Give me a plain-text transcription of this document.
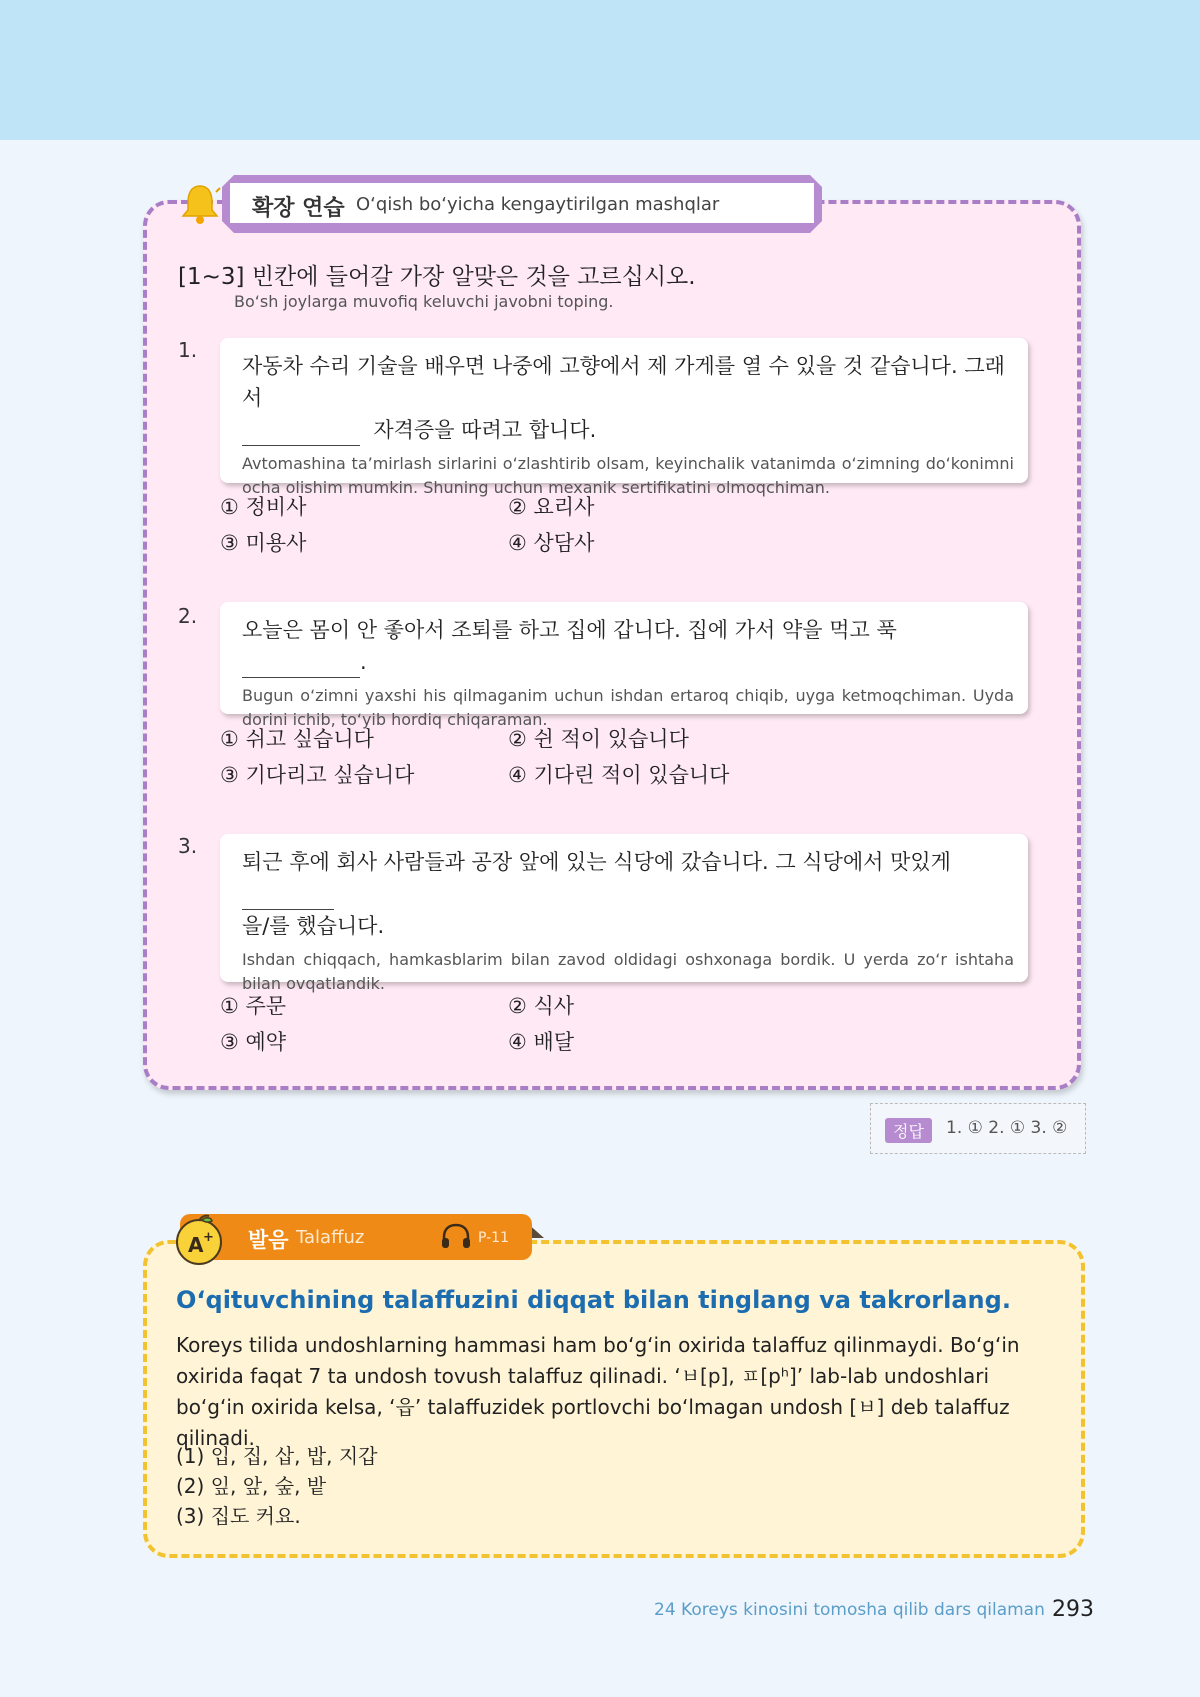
확장 연습 O‘qish bo‘yicha kengaytirilgan mashqlar
[1~3] 빈칸에 들어갈 가장 알맞은 것을 고르십시오.
Bo‘sh joylarga muvofiq keluvchi javobni toping.
1.
자동차 수리 기술을 배우면 나중에 고향에서 제 가게를 열 수 있을 것 같습니다. 그래서
자격증을 따려고 합니다.
Avtomashina ta’mirlash sirlarini o‘zlashtirib olsam, keyinchalik vatanimda o‘zimning do‘konimni ocha olishim mumkin. Shuning uchun mexanik sertifikatini olmoqchiman.
① 정비사	② 요리사
③ 미용사	④ 상담사
2.
오늘은 몸이 안 좋아서 조퇴를 하고 집에 갑니다. 집에 가서 약을 먹고 푹 .
Bugun o‘zimni yaxshi his qilmaganim uchun ishdan ertaroq chiqib, uyga ketmoqchiman. Uyda dorini ichib, to‘yib hordiq chiqaraman.
① 쉬고 싶습니다	② 쉰 적이 있습니다
③ 기다리고 싶습니다	④ 기다린 적이 있습니다
3.
퇴근 후에 회사 사람들과 공장 앞에 있는 식당에 갔습니다. 그 식당에서 맛있게
을/를 했습니다.
Ishdan chiqqach, hamkasblarim bilan zavod oldidagi oshxonaga bordik. U yerda zo‘r ishtaha bilan ovqatlandik.
① 주문	② 식사
③ 예약	④ 배달
정답	1. ① 2. ① 3. ②
발음 Talaffuz	P-11
A +
O‘qituvchining talaffuzini diqqat bilan tinglang va takrorlang.
Koreys tilida undoshlarning hammasi ham bo‘g‘in oxirida talaffuz qilinmaydi. Bo‘g‘in oxirida faqat 7 ta undosh tovush talaffuz qilinadi. ‘ㅂ[p], ㅍ[pʰ]’ lab-lab undoshlari bo‘g‘in oxirida kelsa, ‘읍’ talaffuzidek portlovchi bo‘lmagan undosh [ㅂ] deb talaffuz qilinadi.
(1) 입, 집, 삽, 밥, 지갑
(2) 잎, 앞, 숲, 밭
(3) 집도 커요.
24 Koreys kinosini tomosha qilib dars qilaman 293
